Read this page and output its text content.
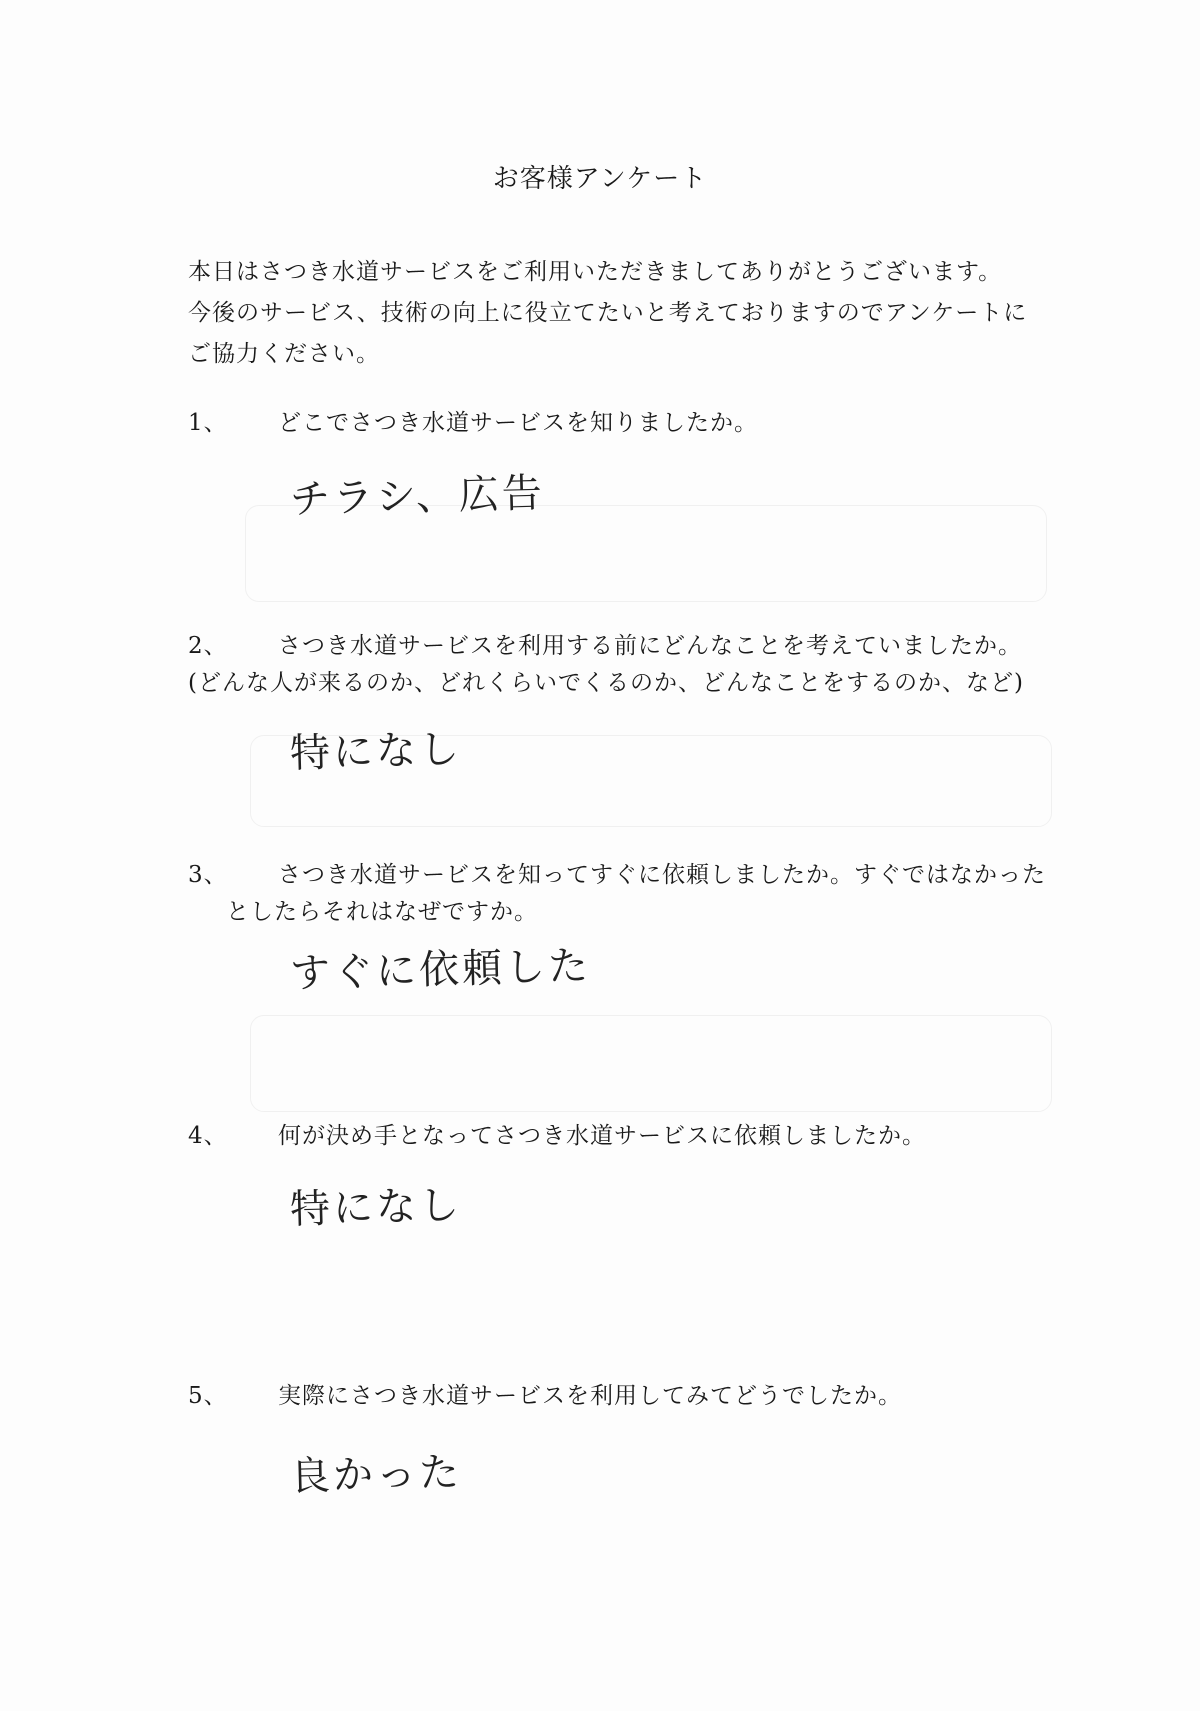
お客様アンケート
本日はさつき水道サービスをご利用いただきましてありがとうございます。
今後のサービス、技術の向上に役立てたいと考えておりますのでアンケートに
ご協力ください。
1、	どこでさつき水道サービスを知りましたか。
チラシ、広告
2、	さつき水道サービスを利用する前にどんなことを考えていましたか。
(どんな人が来るのか、どれくらいでくるのか、どんなことをするのか、など)
特になし
3、	さつき水道サービスを知ってすぐに依頼しましたか。すぐではなかった
としたらそれはなぜですか。
すぐに依頼した
4、	何が決め手となってさつき水道サービスに依頼しましたか。
特になし
5、	実際にさつき水道サービスを利用してみてどうでしたか。
良かった
